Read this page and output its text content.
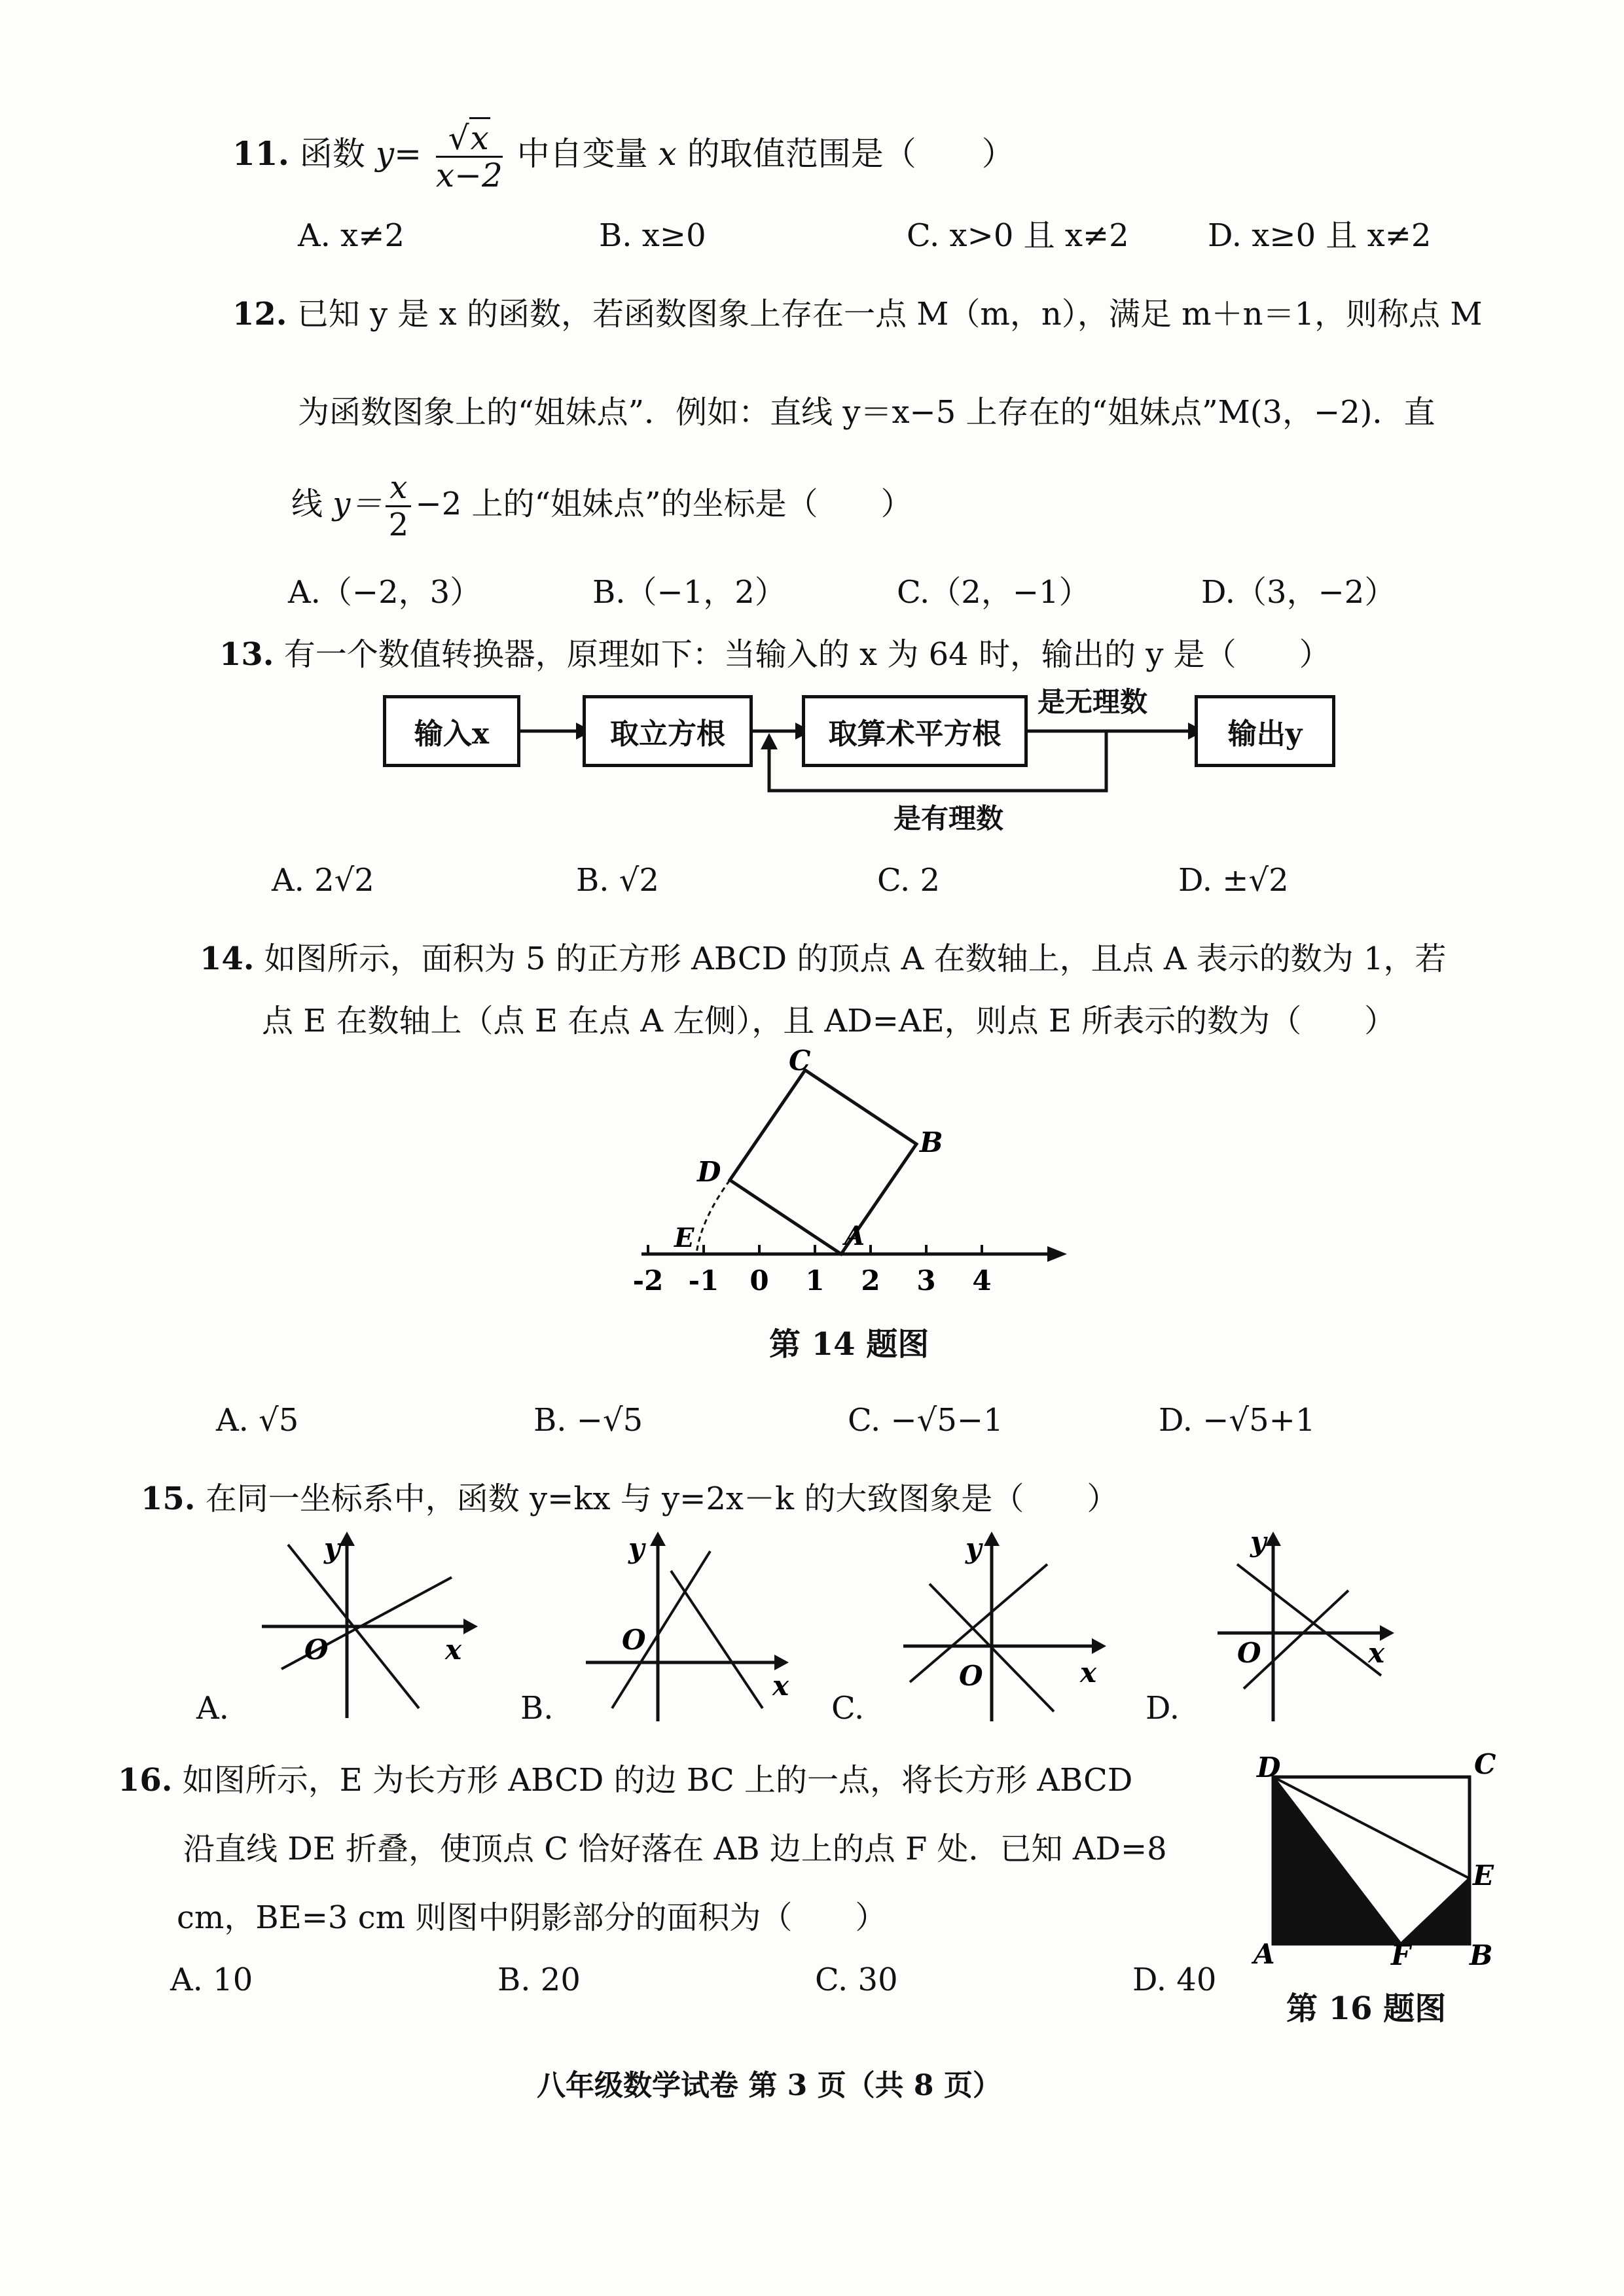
11. 函数 $y= \frac{√x}{x-2}$ 中自变量 x 的取值范围是（　　）
A. x≠2	B. x≥0	C. x>0 且 x≠2	D. x≥0 且 x≠2
12. 已知 y 是 x 的函数，若函数图象上存在一点 M（m，n），满足 m＋n＝1，则称点 M
为函数图象上的“姐妹点”．例如：直线 y＝x−5 上存在的“姐妹点”M(3，−2)．直
线 $y= \frac{x}{2} -2$ 上的“姐妹点”的坐标是（　　）
A.（−2，3）	B.（−1，2）	C.（2，−1）	D.（3，−2）
13. 有一个数值转换器，原理如下：当输入的 x 为 64 时，输出的 y 是（　　）
输入x	取立方根	取算术平方根	输出y
是无理数
是有理数
A. 2√2	B. √2	C. 2	D. ±√2
14. 如图所示，面积为 5 的正方形 ABCD 的顶点 A 在数轴上，且点 A 表示的数为 1，若
点 E 在数轴上（点 E 在点 A 左侧），且 AD=AE，则点 E 所表示的数为（　　）
-2 -1 0 1 2 3 4
C
B
D
E	A
第 14 题图
A. √5	B. −√5	C. −√5−1	D. −√5+1
15. 在同一坐标系中，函数 y=kx 与 y=2x－k 的大致图象是（　　）
y
x
O
A.
y
x
O
B.
y
x
O
C.
y
x
O
D.
16. 如图所示，E 为长方形 ABCD 的边 BC 上的一点，将长方形 ABCD
沿直线 DE 折叠，使顶点 C 恰好落在 AB 边上的点 F 处．已知 AD=8
cm，BE=3 cm 则图中阴影部分的面积为（　　）
D	C
E
A	F B
第 16 题图
A. 10	B. 20	C. 30	D. 40
八年级数学试卷 第 3 页（共 8 页）
